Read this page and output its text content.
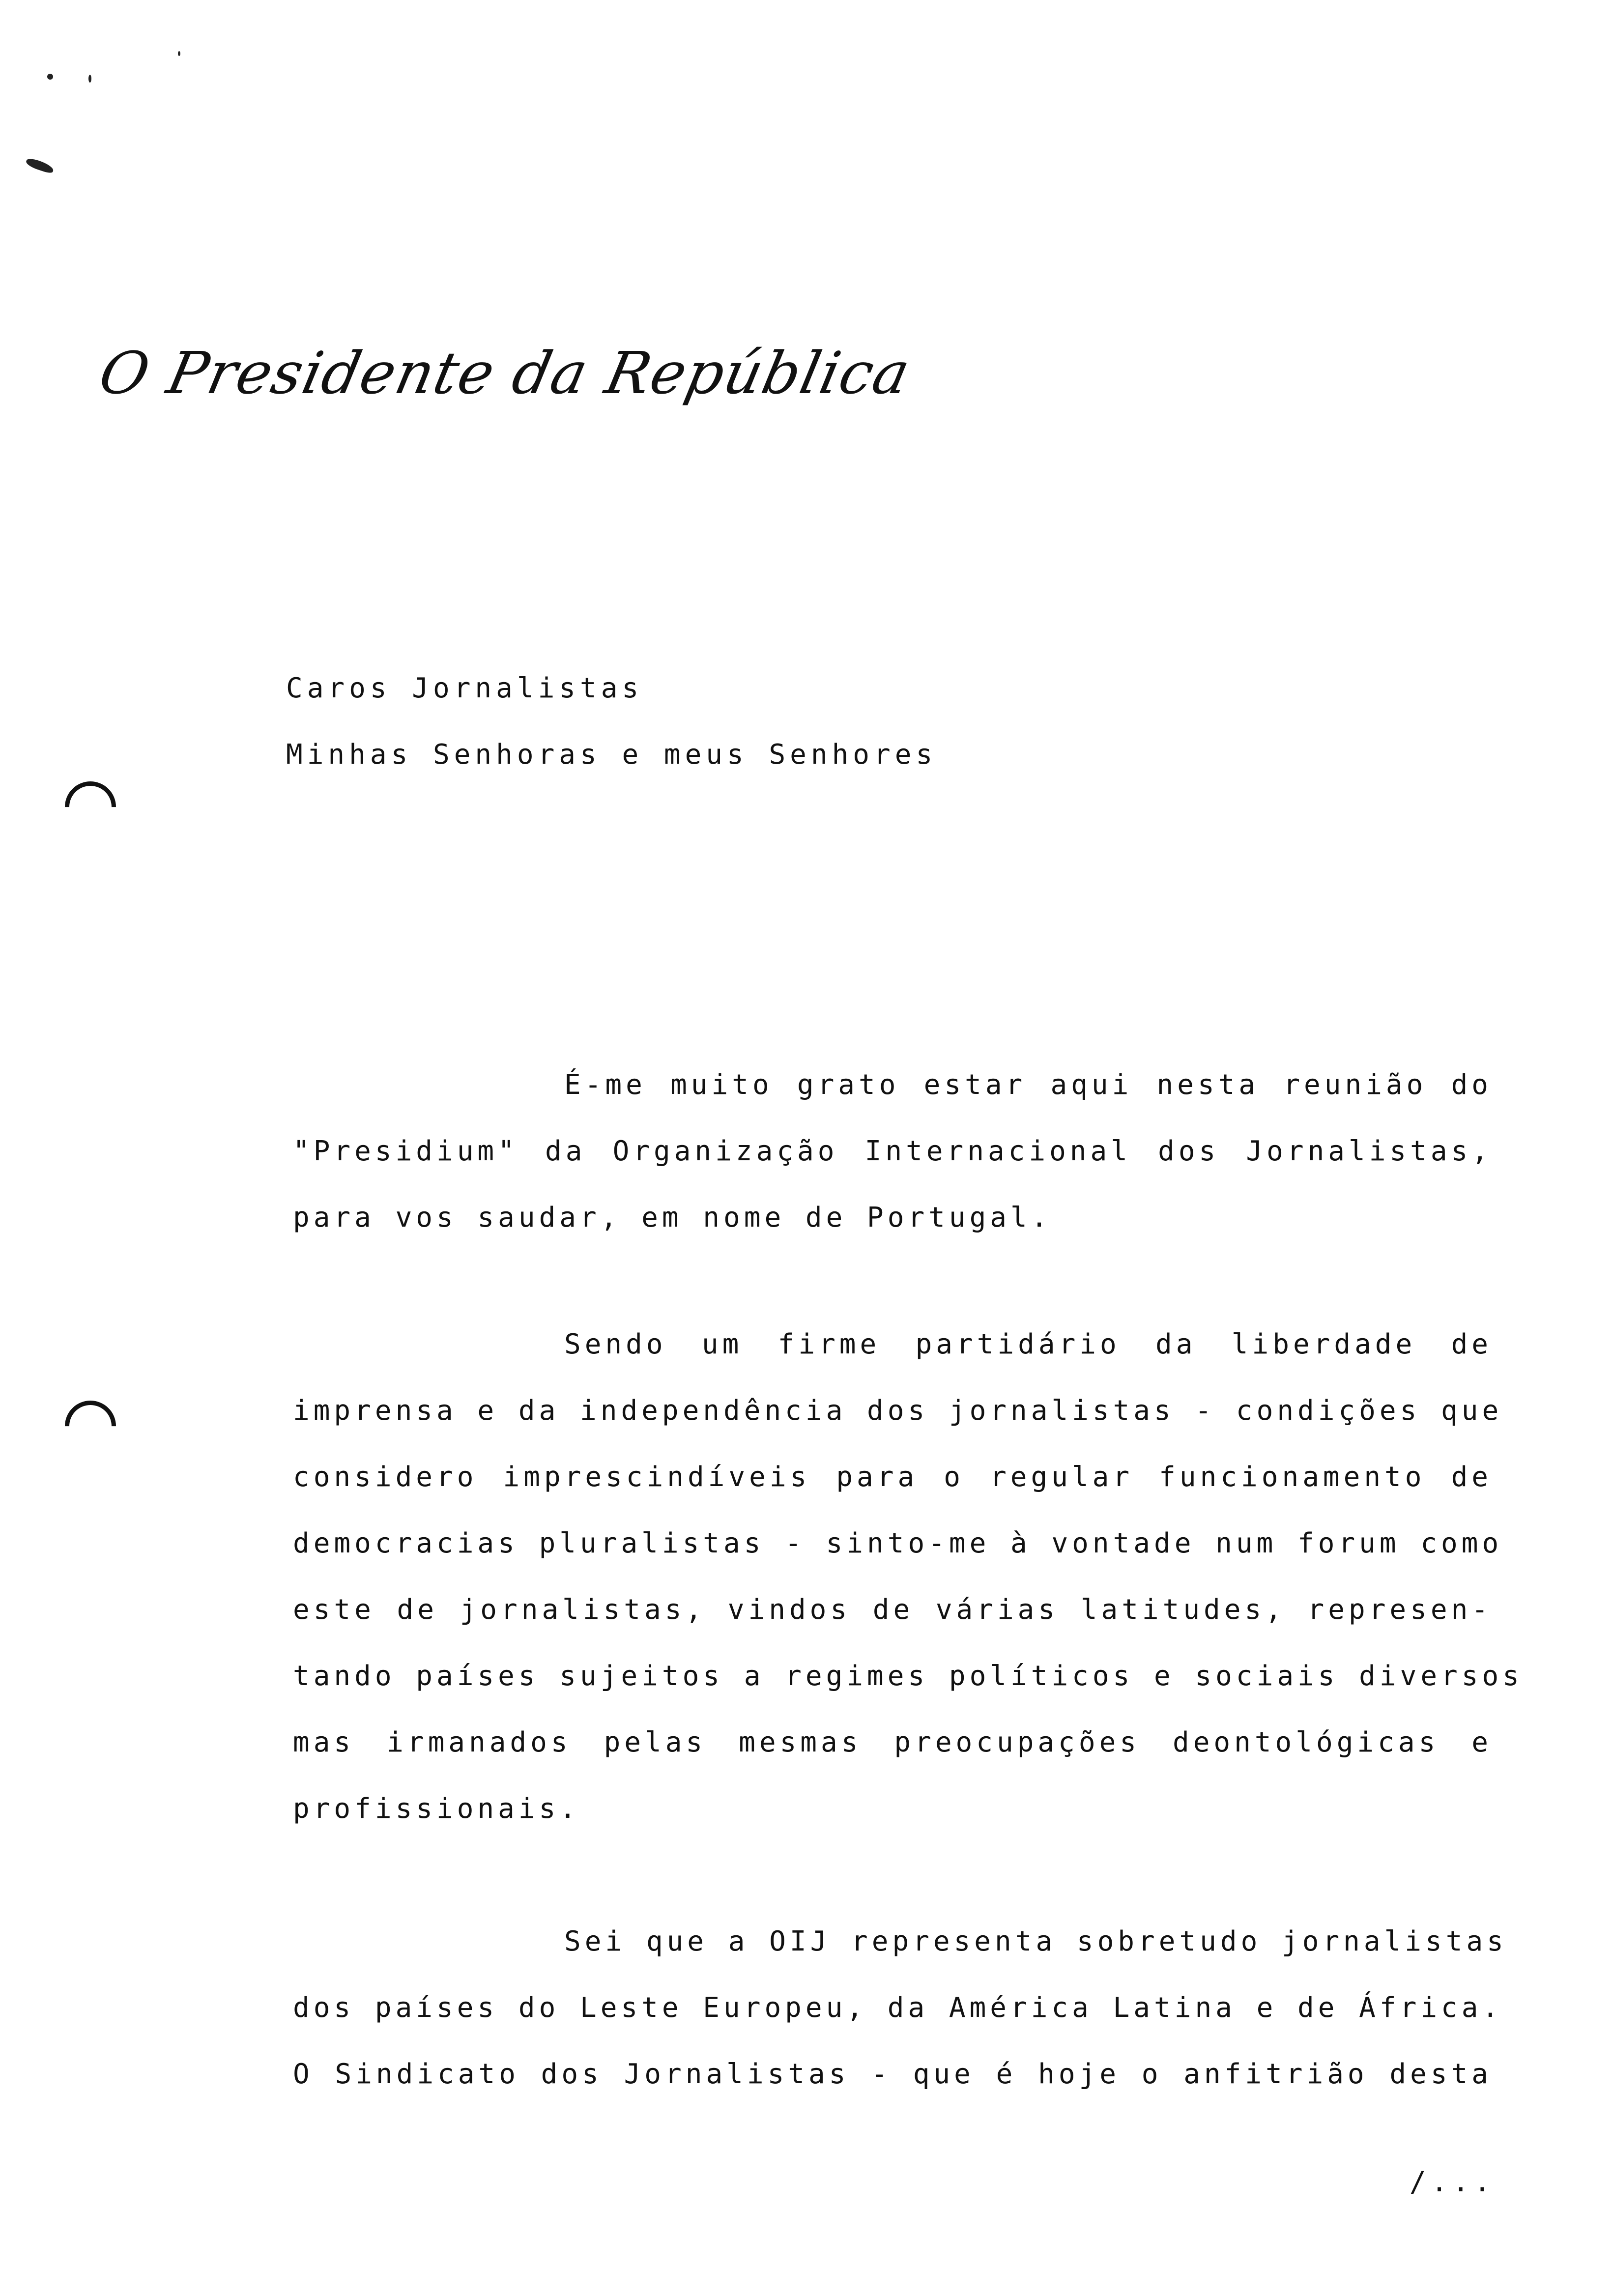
O Presidente da República
Caros Jornalistas
Minhas Senhoras e meus Senhores
É-me muito grato estar aqui nesta reunião do
"Presidium" da Organização Internacional dos Jornalistas,
para vos saudar, em nome de Portugal.
Sendo um firme partidário da liberdade de
imprensa e da independência dos jornalistas - condições que
considero imprescindíveis para o regular funcionamento de
democracias pluralistas - sinto-me à vontade num forum como
este de jornalistas, vindos de várias latitudes, represen-
tando países sujeitos a regimes políticos e sociais diversos
mas irmanados pelas mesmas preocupações deontológicas e
profissionais.
Sei que a OIJ representa sobretudo jornalistas
dos países do Leste Europeu, da América Latina e de África.
O Sindicato dos Jornalistas - que é hoje o anfitrião desta
/...
